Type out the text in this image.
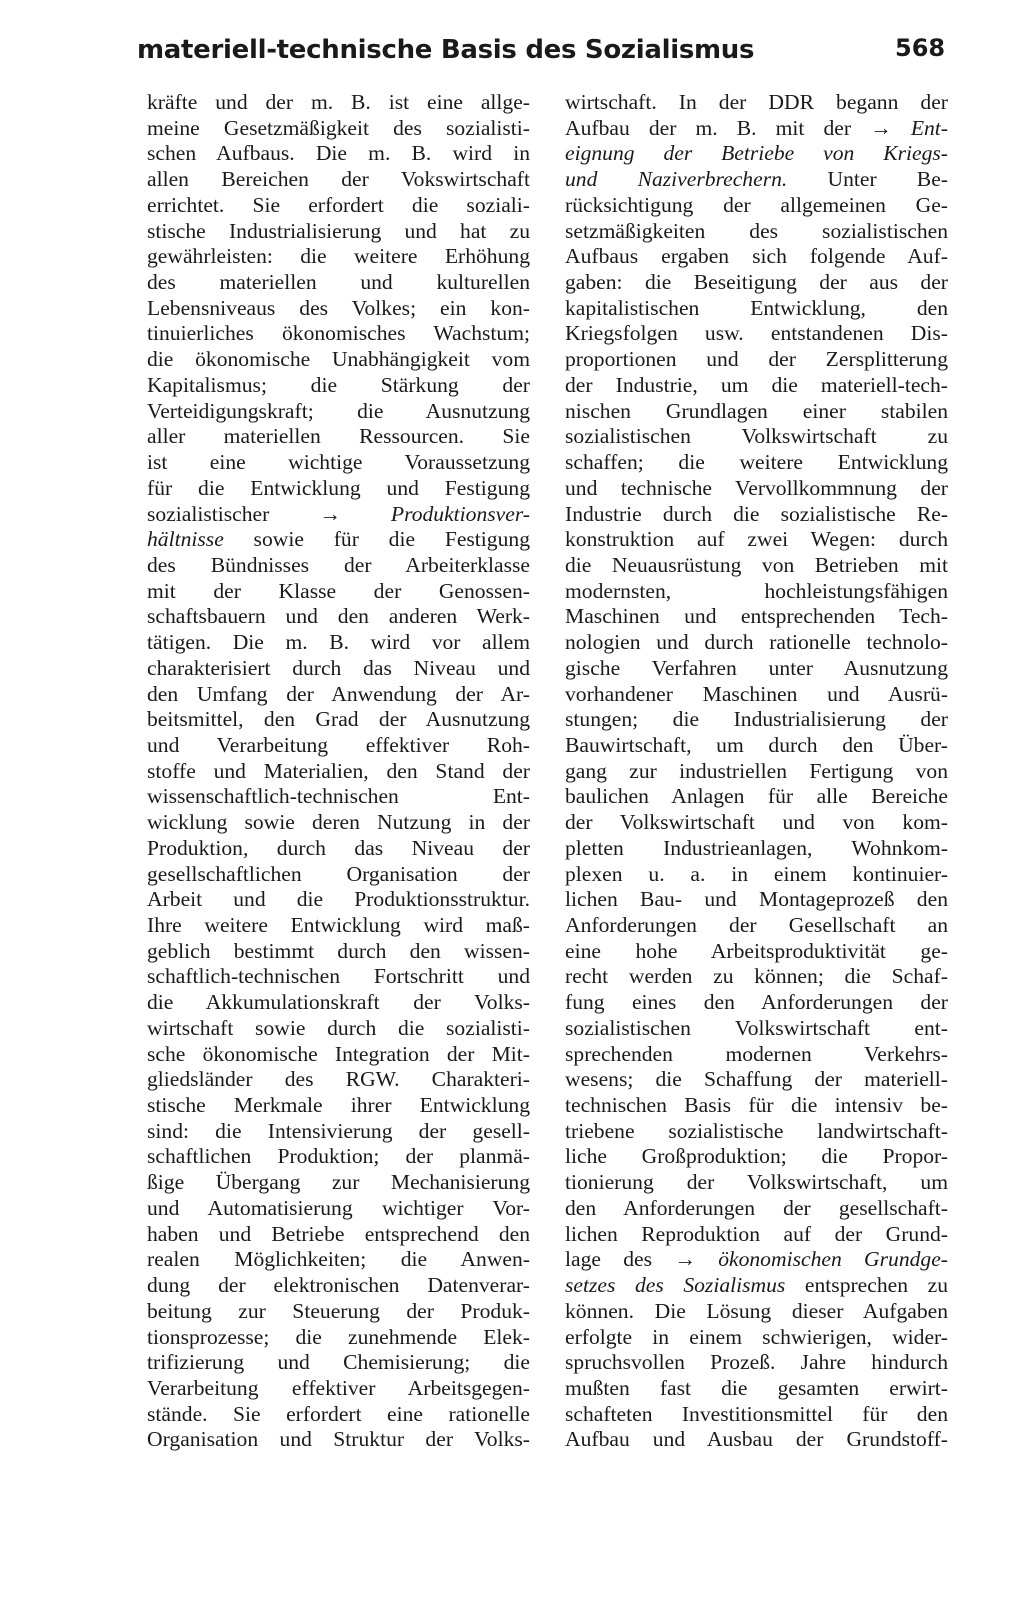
materiell-technische Basis des Sozialismus	568
kräfte und der m. B. ist eine allge-
meine Gesetzmäßigkeit des sozialisti-
schen Aufbaus. Die m. B. wird in
allen Bereichen der Vokswirtschaft
errichtet. Sie erfordert die soziali-
stische Industrialisierung und hat zu
gewährleisten: die weitere Erhöhung
des materiellen und kulturellen
Lebensniveaus des Volkes; ein kon-
tinuierliches ökonomisches Wachstum;
die ökonomische Unabhängigkeit vom
Kapitalismus; die Stärkung der
Verteidigungskraft; die Ausnutzung
aller materiellen Ressourcen. Sie
ist eine wichtige Voraussetzung
für die Entwicklung und Festigung
sozialistischer → Produktionsver-
hältnisse sowie für die Festigung
des Bündnisses der Arbeiterklasse
mit der Klasse der Genossen-
schaftsbauern und den anderen Werk-
tätigen. Die m. B. wird vor allem
charakterisiert durch das Niveau und
den Umfang der Anwendung der Ar-
beitsmittel, den Grad der Ausnutzung
und Verarbeitung effektiver Roh-
stoffe und Materialien, den Stand der
wissenschaftlich-technischen Ent-
wicklung sowie deren Nutzung in der
Produktion, durch das Niveau der
gesellschaftlichen Organisation der
Arbeit und die Produktionsstruktur.
Ihre weitere Entwicklung wird maß-
geblich bestimmt durch den wissen-
schaftlich-technischen Fortschritt und
die Akkumulationskraft der Volks-
wirtschaft sowie durch die sozialisti-
sche ökonomische Integration der Mit-
gliedsländer des RGW. Charakteri-
stische Merkmale ihrer Entwicklung
sind: die Intensivierung der gesell-
schaftlichen Produktion; der planmä-
ßige Übergang zur Mechanisierung
und Automatisierung wichtiger Vor-
haben und Betriebe entsprechend den
realen Möglichkeiten; die Anwen-
dung der elektronischen Datenverar-
beitung zur Steuerung der Produk-
tionsprozesse; die zunehmende Elek-
trifizierung und Chemisierung; die
Verarbeitung effektiver Arbeitsgegen-
stände. Sie erfordert eine rationelle
Organisation und Struktur der Volks-
wirtschaft. In der DDR begann der
Aufbau der m. B. mit der → Ent-
eignung der Betriebe von Kriegs-
und Naziverbrechern. Unter Be-
rücksichtigung der allgemeinen Ge-
setzmäßigkeiten des sozialistischen
Aufbaus ergaben sich folgende Auf-
gaben: die Beseitigung der aus der
kapitalistischen Entwicklung, den
Kriegsfolgen usw. entstandenen Dis-
proportionen und der Zersplitterung
der Industrie, um die materiell-tech-
nischen Grundlagen einer stabilen
sozialistischen Volkswirtschaft zu
schaffen; die weitere Entwicklung
und technische Vervollkommnung der
Industrie durch die sozialistische Re-
konstruktion auf zwei Wegen: durch
die Neuausrüstung von Betrieben mit
modernsten, hochleistungsfähigen
Maschinen und entsprechenden Tech-
nologien und durch rationelle technolo-
gische Verfahren unter Ausnutzung
vorhandener Maschinen und Ausrü-
stungen; die Industrialisierung der
Bauwirtschaft, um durch den Über-
gang zur industriellen Fertigung von
baulichen Anlagen für alle Bereiche
der Volkswirtschaft und von kom-
pletten Industrieanlagen, Wohnkom-
plexen u. a. in einem kontinuier-
lichen Bau- und Montageprozeß den
Anforderungen der Gesellschaft an
eine hohe Arbeitsproduktivität ge-
recht werden zu können; die Schaf-
fung eines den Anforderungen der
sozialistischen Volkswirtschaft ent-
sprechenden modernen Verkehrs-
wesens; die Schaffung der materiell-
technischen Basis für die intensiv be-
triebene sozialistische landwirtschaft-
liche Großproduktion; die Propor-
tionierung der Volkswirtschaft, um
den Anforderungen der gesellschaft-
lichen Reproduktion auf der Grund-
lage des → ökonomischen Grundge-
setzes des Sozialismus entsprechen zu
können. Die Lösung dieser Aufgaben
erfolgte in einem schwierigen, wider-
spruchsvollen Prozeß. Jahre hindurch
mußten fast die gesamten erwirt-
schafteten Investitionsmittel für den
Aufbau und Ausbau der Grundstoff-
